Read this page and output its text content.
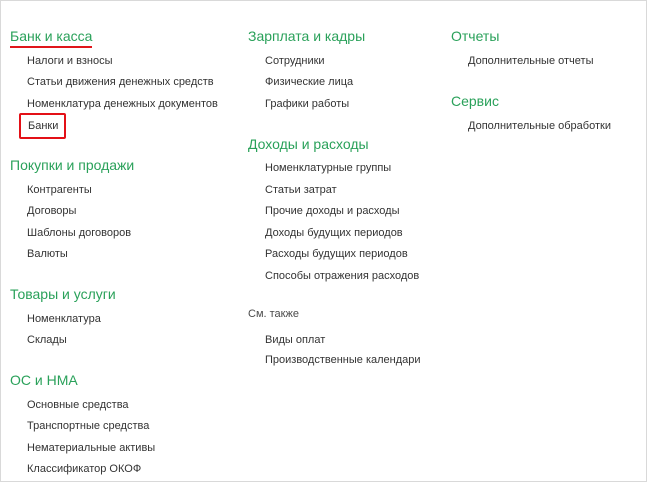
Банк и касса
Налоги и взносы
Статьи движения денежных средств
Номенклатура денежных документов
Банки
Покупки и продажи
Контрагенты
Договоры
Шаблоны договоров
Валюты
Товары и услуги
Номенклатура
Склады
ОС и НМА
Основные средства
Транспортные средства
Нематериальные активы
Классификатор ОКОФ
Зарплата и кадры
Сотрудники
Физические лица
Графики работы
Доходы и расходы
Номенклатурные группы
Статьи затрат
Прочие доходы и расходы
Доходы будущих периодов
Расходы будущих периодов
Способы отражения расходов
См. также
Виды оплат
Производственные календари
Отчеты
Дополнительные отчеты
Сервис
Дополнительные обработки
